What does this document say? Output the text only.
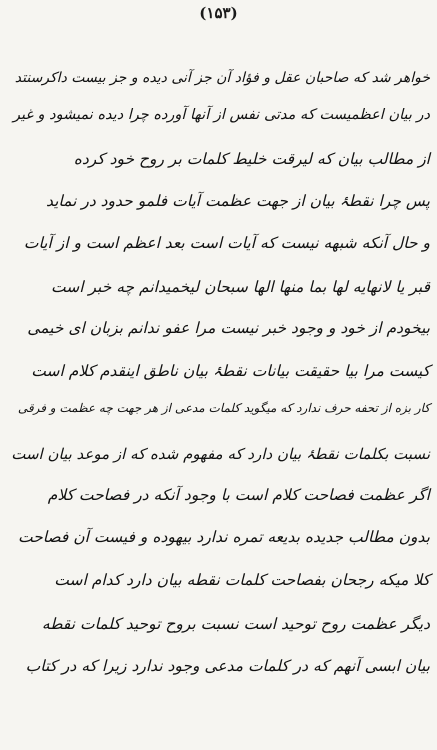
(۱۵۳)
خواهر شد که صاحبان عقل و فؤاد آن جز آنی دیده و جز بیست داکرسنتد
در بیان اعظمیست که مدتی نفس از آنها آورده چرا دیده نمیشود و غیر
از مطالب بیان که لیرقت خلیط کلمات بر روح خود کرده
پس چرا نقطۂ بیان از جهت عظمت آیات فلمو حدود در نماید
و حال آنکه شبهه نیست که آیات است بعد اعظم است و از آیات
قبر یا لانهایه لها بما منها الها سبحان لیخمیدانم چه خبر است
بیخودم از خود و وجود خبر نیست مرا عفو ندانم بزبان ای خیمی
کیست مرا بیا حقیقت بیانات نقطۂ بیان ناطق اینقدم کلام است
کار بزه از تحفه حرف ندارد که میگوید کلمات مدعی از هر جهت چه عظمت و فرقی
نسبت بکلمات نقطۂ بیان دارد که مفهوم شده که از موعد بیان است
اگر عظمت فصاحت کلام است با وجود آنکه در فصاحت کلام
بدون مطالب جدیده بدیعه تمره ندارد بیهوده و فیست آن فصاحت
کلا میکه رجحان بفصاحت کلمات نقطه بیان دارد کدام است
دیگر عظمت روح توحید است نسبت بروح توحید کلمات نقطه
بیان ابسی آنهم که در کلمات مدعی وجود ندارد زیرا که در کتاب
